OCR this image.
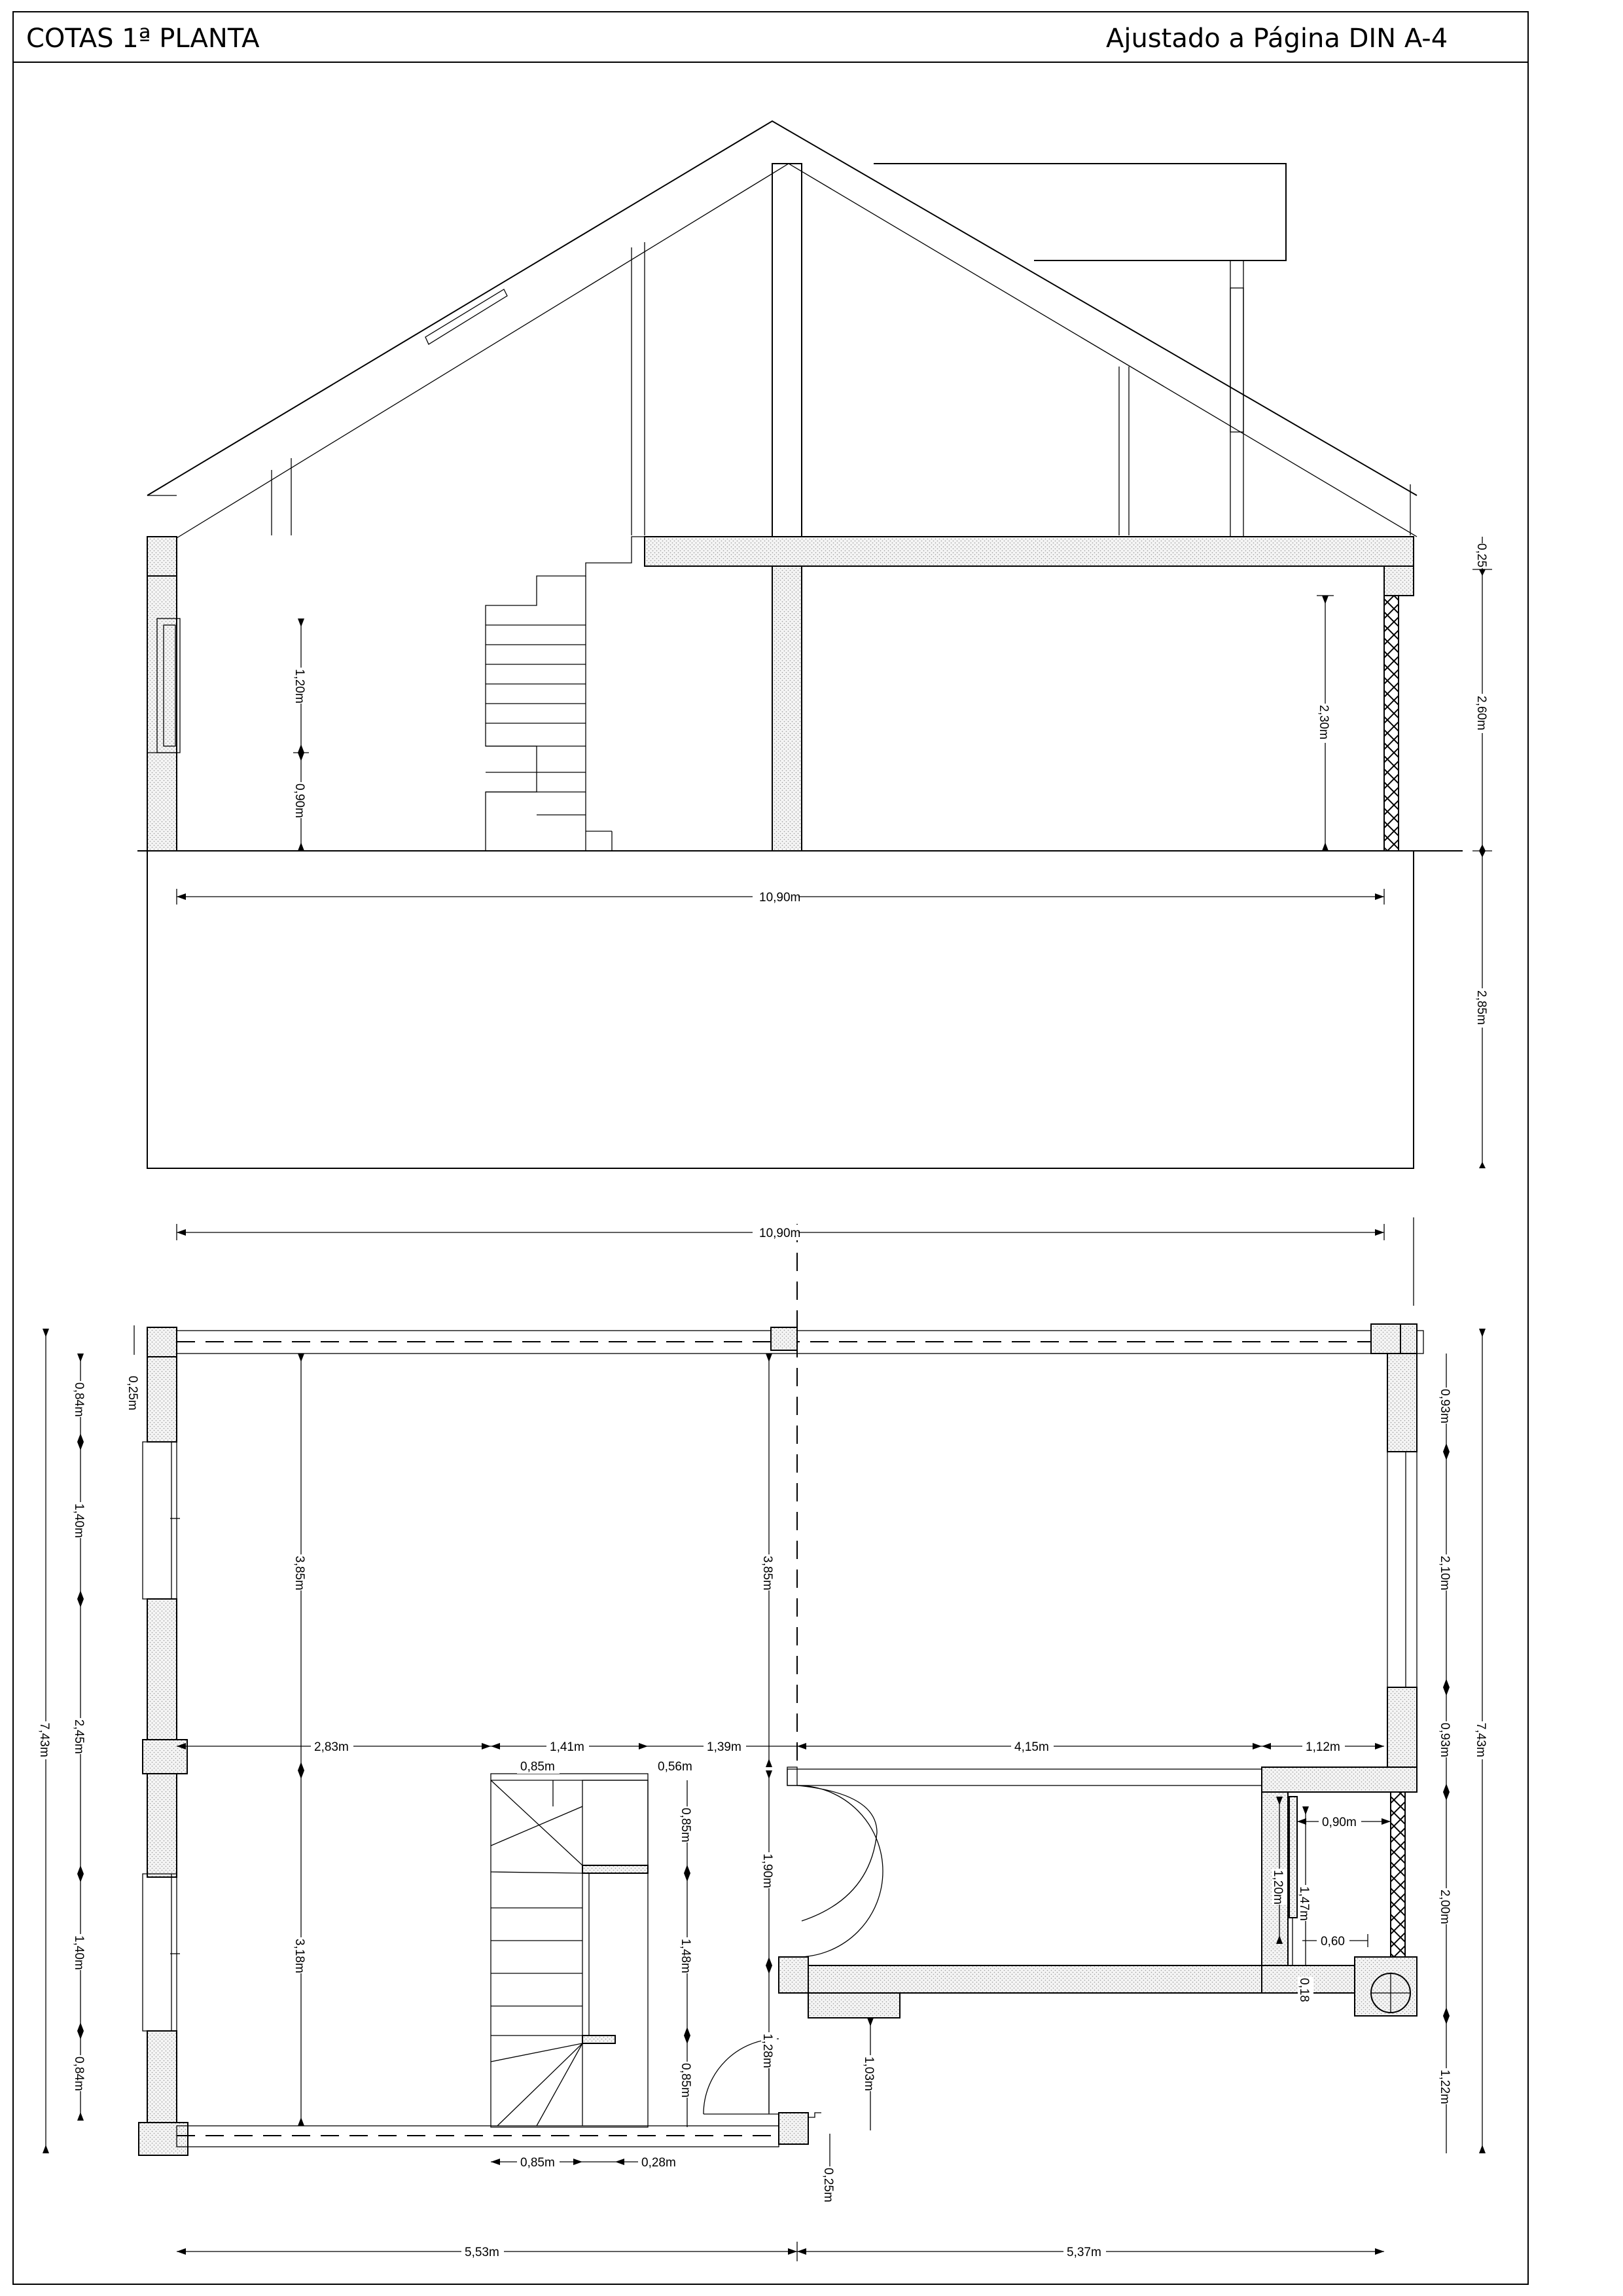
COTAS 1ª PLANTA	Ajustado a Página DIN A-4
0,25
2,60m
2,85m
10,90m
1,20m
0,90m
2,30m
10,90m
7,43m
0,25m
0,84m
1,40m
2,45m
1,40m
0,84m
3,85m
3,18m
3,85m
2,83m	1,41m	1,39m	4,15m	1,12m
0,85m	0,56m
0,85m
1,48m
0,85m
0,85m	0,28m
1,90m
1,28m
1,03m
7,43m
0,93m
2,10m
0,93m
2,00m
1,22m
0,90m
1,20m 1,47m
0,60
0,18
0,25m
5,53m	5,37m
